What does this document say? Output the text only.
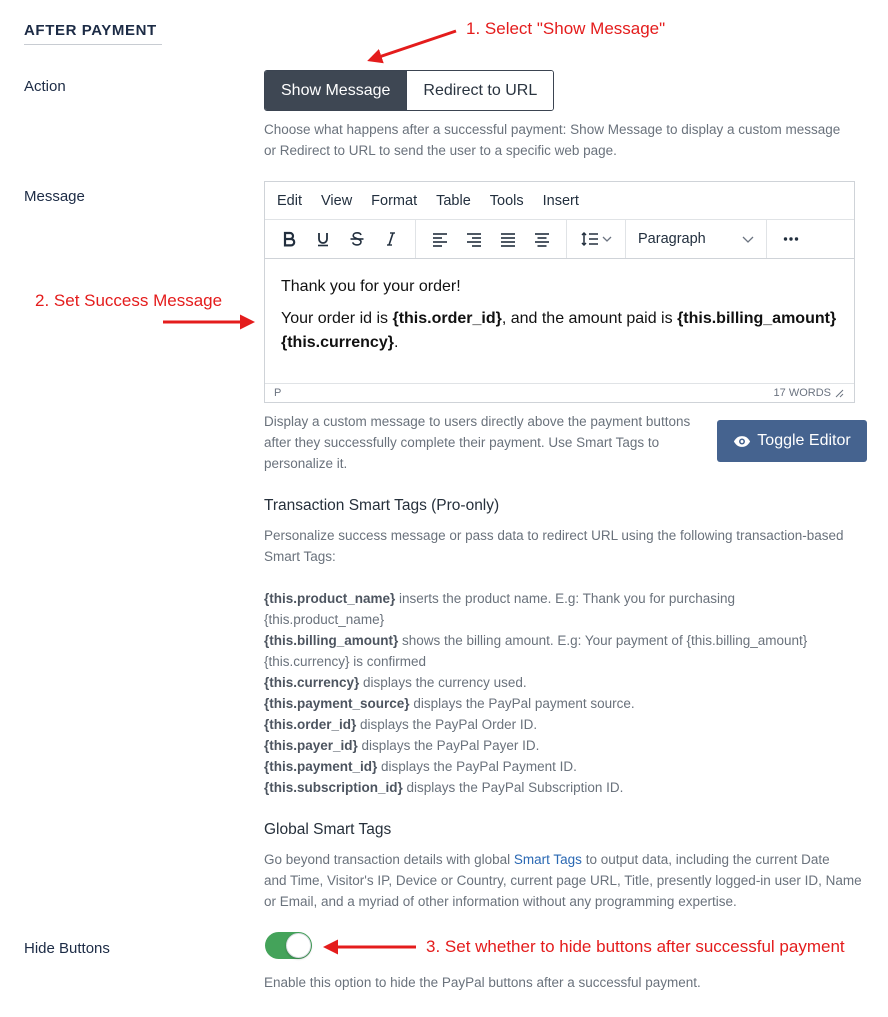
AFTER PAYMENT
Action	Show Message	Redirect to URL
Choose what happens after a successful payment: Show Message to display a custom message
or Redirect to URL to send the user to a specific web page.
Message	Edit View Format Table Tools Insert
Paragraph

Thank you for your order!

Your order id is {this.order_id}, and the amount paid is {this.billing_amount}
{this.currency}.

P	17 WORDS
Display a custom message to users directly above the payment buttons
after they successfully complete their payment. Use Smart Tags to
personalize it.
Toggle Editor
Transaction Smart Tags (Pro-only)
Personalize success message or pass data to redirect URL using the following transaction-based
Smart Tags:
{this.product_name} inserts the product name. E.g: Thank you for purchasing
{this.product_name}
{this.billing_amount} shows the billing amount. E.g: Your payment of {this.billing_amount}
{this.currency} is confirmed
{this.currency} displays the currency used.
{this.payment_source} displays the PayPal payment source.
{this.order_id} displays the PayPal Order ID.
{this.payer_id} displays the PayPal Payer ID.
{this.payment_id} displays the PayPal Payment ID.
{this.subscription_id} displays the PayPal Subscription ID.
Global Smart Tags
Go beyond transaction details with global Smart Tags to output data, including the current Date
and Time, Visitor's IP, Device or Country, current page URL, Title, presently logged-in user ID, Name
or Email, and a myriad of other information without any programming expertise.
Hide Buttons
Enable this option to hide the PayPal buttons after a successful payment.
1. Select "Show Message"
2. Set Success Message
3. Set whether to hide buttons after successful payment
